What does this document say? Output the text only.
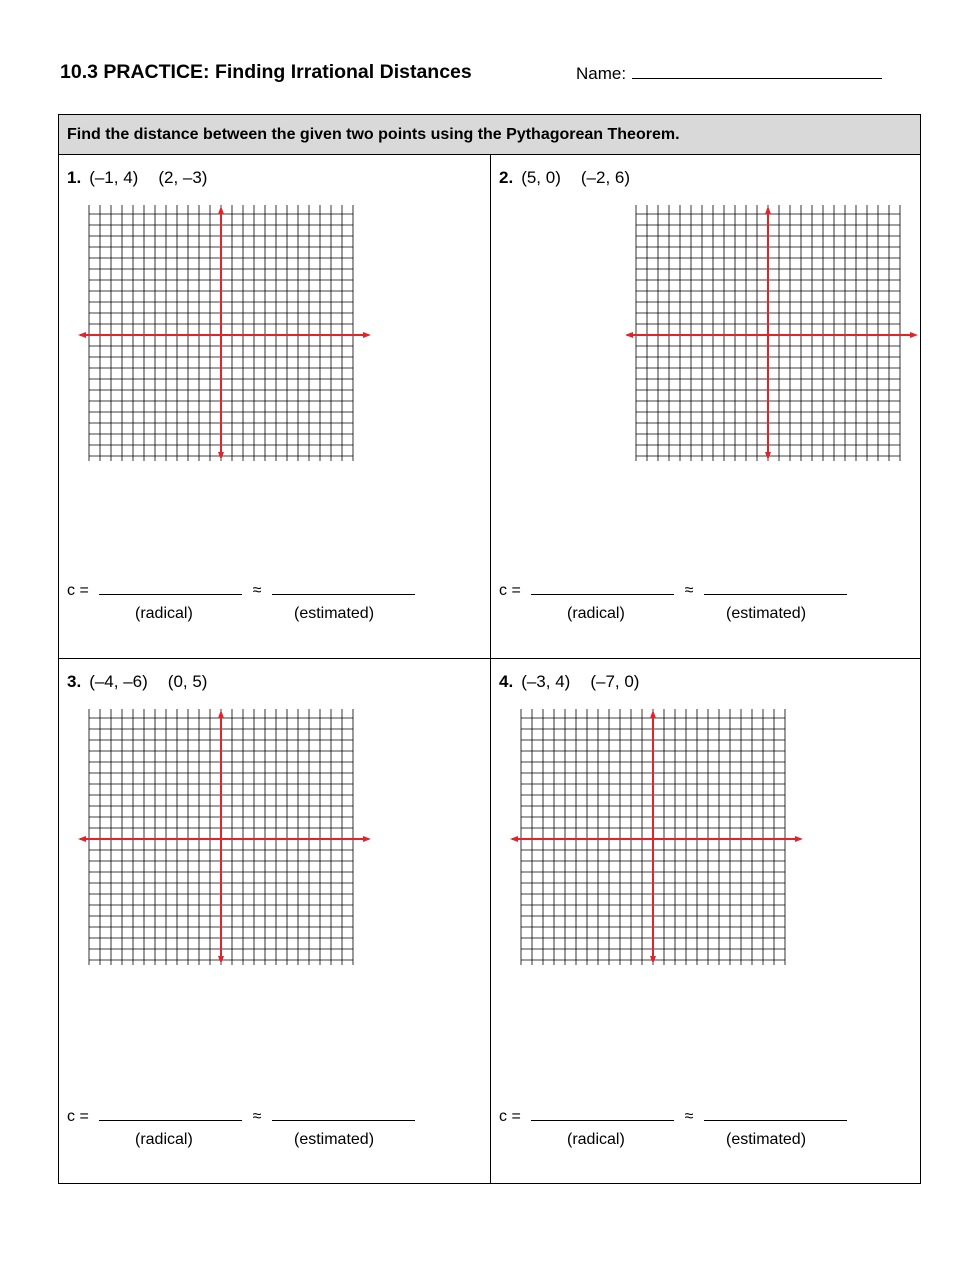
10.3 PRACTICE: Finding Irrational Distances	Name:
Find the distance between the given two points using the Pythagorean Theorem.
1. (–1, 4) (2, –3)
c =	≈
(radical)	(estimated)
2. (5, 0) (–2, 6)
c =	≈
(radical)	(estimated)
3. (–4, –6) (0, 5)
c =	≈
(radical)	(estimated)
4. (–3, 4) (–7, 0)
c =	≈
(radical)	(estimated)
